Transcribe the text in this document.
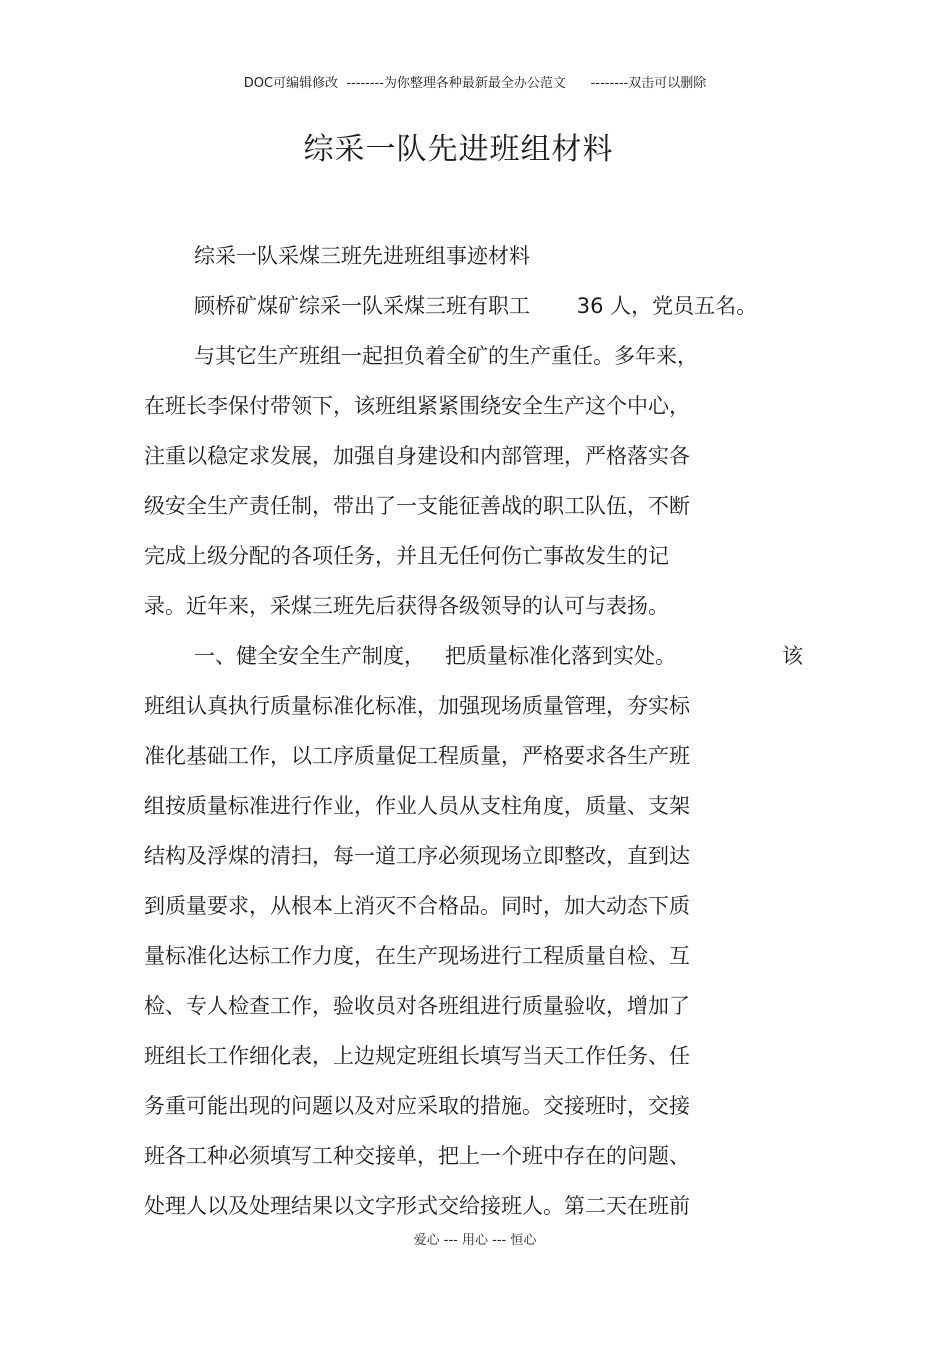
DOC可编辑修改  --------为你整理各种最新最全办公范文      --------双击可以删除
综采一队先进班组材料
综采一队采煤三班先进班组事迹材料
顾桥矿煤矿综采一队采煤三班有职工       36 人，党员五名。
与其它生产班组一起担负着全矿的生产重任。多年来，
在班长李保付带领下，该班组紧紧围绕安全生产这个中心，
注重以稳定求发展，加强自身建设和内部管理，严格落实各
级安全生产责任制，带出了一支能征善战的职工队伍，不断
完成上级分配的各项任务，并且无任何伤亡事故发生的记
录。近年来，采煤三班先后获得各级领导的认可与表扬。
一、健全安全生产制度，   把质量标准化落到实处。	该
班组认真执行质量标准化标准，加强现场质量管理，夯实标
准化基础工作，以工序质量促工程质量，严格要求各生产班
组按质量标准进行作业，作业人员从支柱角度，质量、支架
结构及浮煤的清扫，每一道工序必须现场立即整改，直到达
到质量要求，从根本上消灭不合格品。同时，加大动态下质
量标准化达标工作力度，在生产现场进行工程质量自检、互
检、专人检查工作，验收员对各班组进行质量验收，增加了
班组长工作细化表，上边规定班组长填写当天工作任务、任
务重可能出现的问题以及对应采取的措施。交接班时，交接
班各工种必须填写工种交接单，把上一个班中存在的问题、
处理人以及处理结果以文字形式交给接班人。第二天在班前
爱心 --- 用心 --- 恒心
